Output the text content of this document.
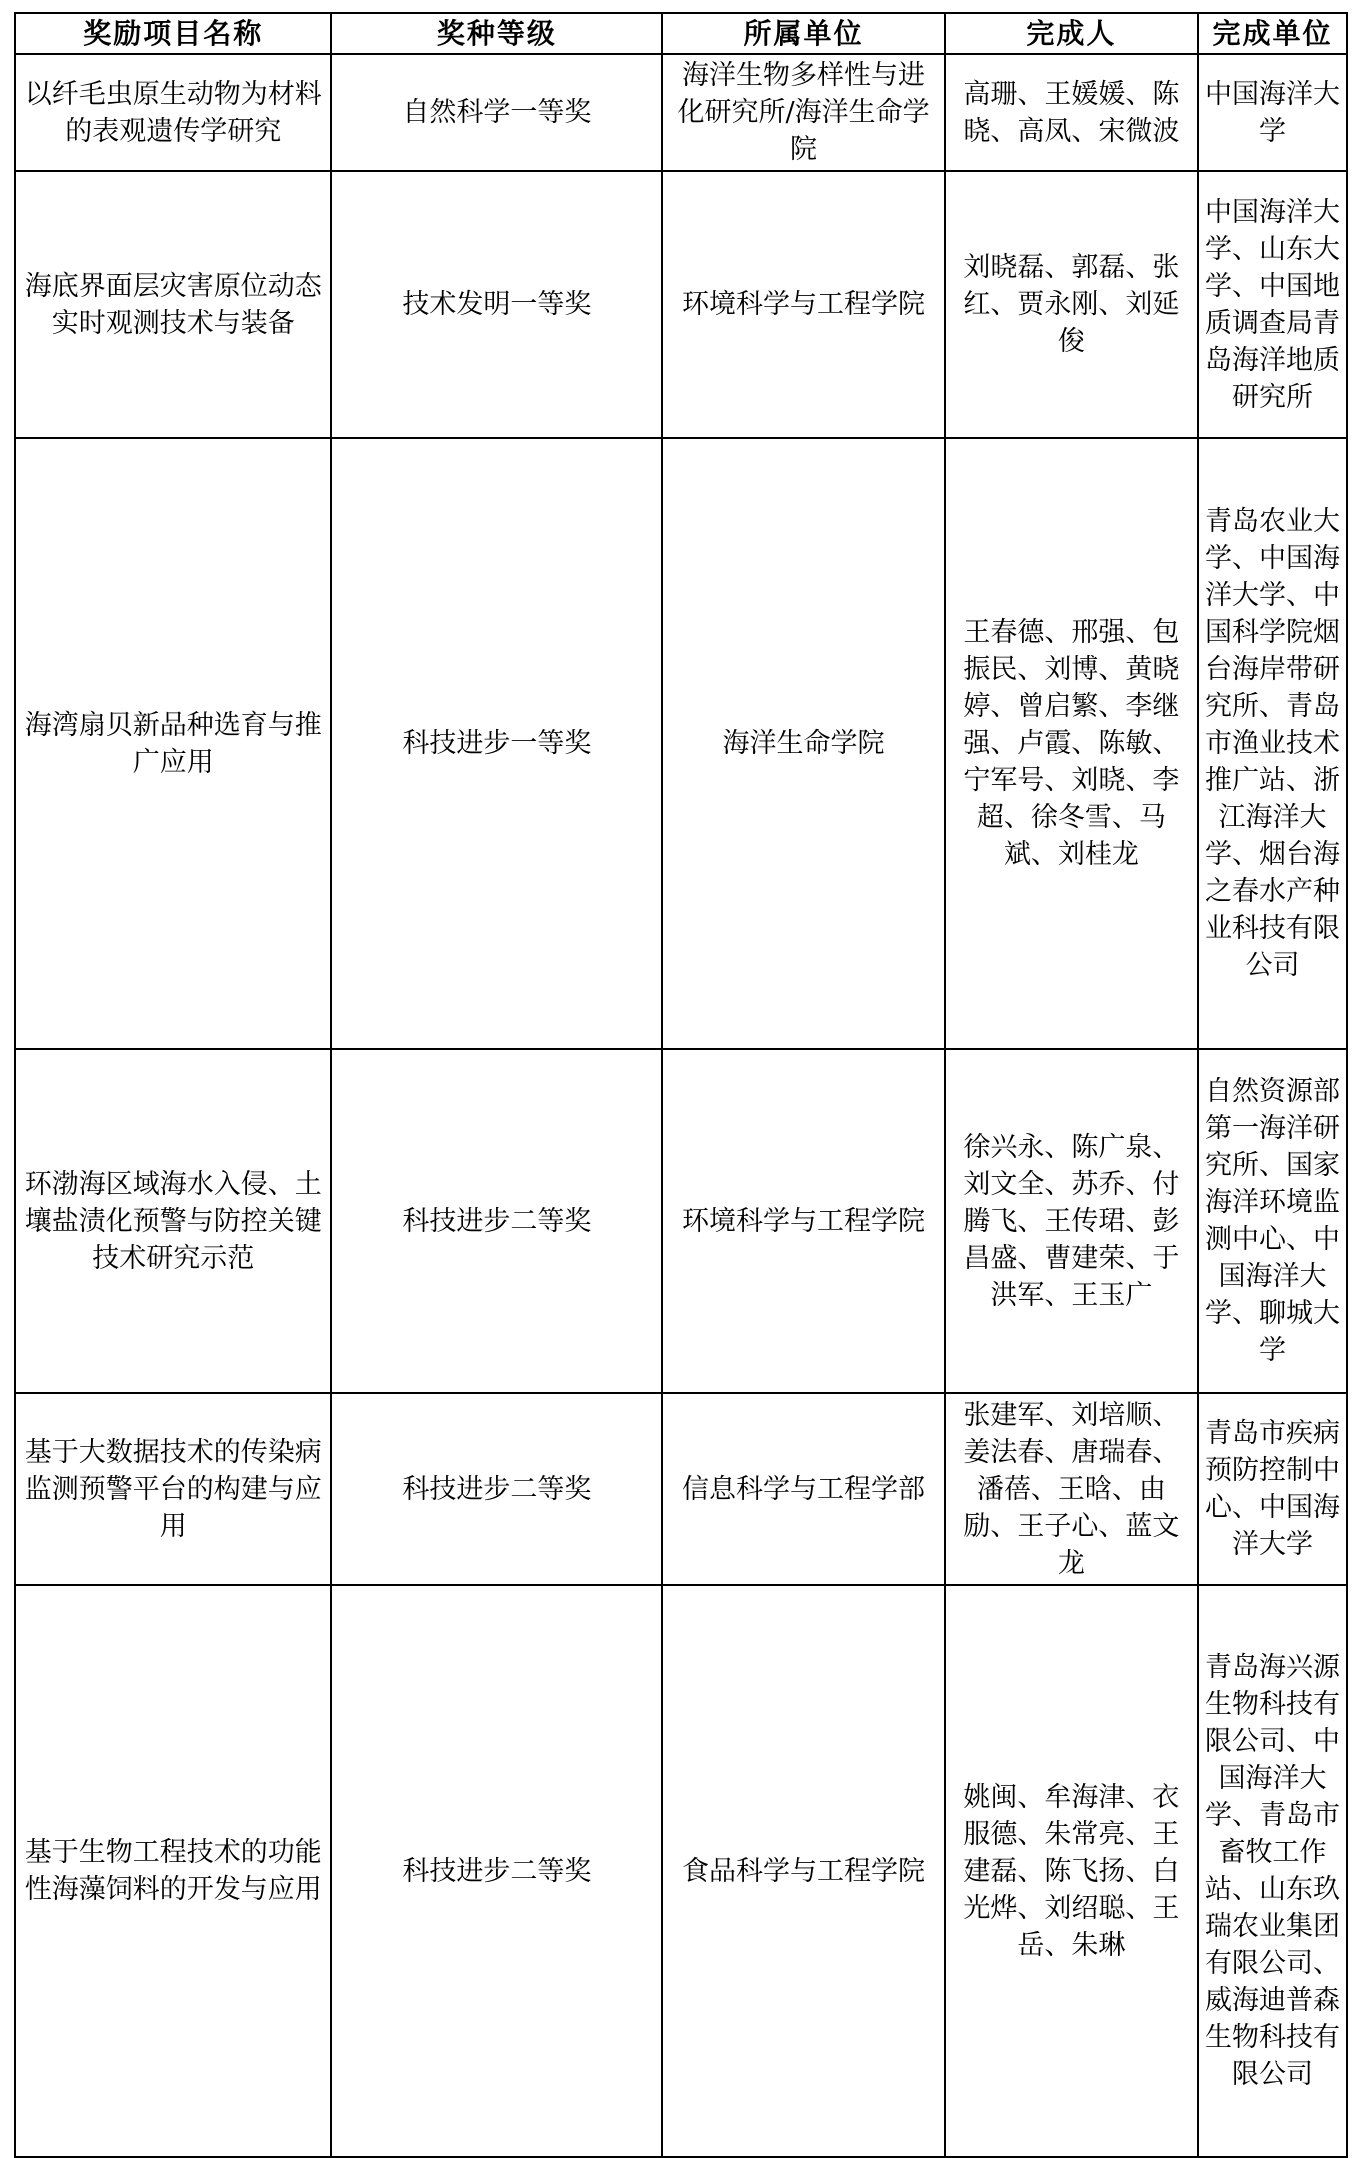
奖励项目名称	奖种等级	所属单位	完成人	完成单位
以纤毛虫原生动物为材料的表观遗传学研究	自然科学一等奖	海洋生物多样性与进化研究所/海洋生命学院	高珊、王媛媛、陈晓、高凤、宋微波	中国海洋大学
海底界面层灾害原位动态实时观测技术与装备	技术发明一等奖	环境科学与工程学院	刘晓磊、郭磊、张红、贾永刚、刘延俊	中国海洋大学、山东大学、中国地质调查局青岛海洋地质研究所
海湾扇贝新品种选育与推广应用	科技进步一等奖	海洋生命学院	王春德、邢强、包振民、刘博、黄晓婷、曾启繁、李继强、卢霞、陈敏、宁军号、刘晓、李超、徐冬雪、马斌、刘桂龙	青岛农业大学、中国海洋大学、中国科学院烟台海岸带研究所、青岛市渔业技术推广站、浙江海洋大学、烟台海之春水产种业科技有限公司
环渤海区域海水入侵、土壤盐渍化预警与防控关键技术研究示范	科技进步二等奖	环境科学与工程学院	徐兴永、陈广泉、刘文全、苏乔、付腾飞、王传珺、彭昌盛、曹建荣、于洪军、王玉广	自然资源部第一海洋研究所、国家海洋环境监测中心、中国海洋大学、聊城大学
基于大数据技术的传染病监测预警平台的构建与应用	科技进步二等奖	信息科学与工程学部	张建军、刘培顺、姜法春、唐瑞春、潘蓓、王晗、由励、王子心、蓝文龙	青岛市疾病预防控制中心、中国海洋大学
基于生物工程技术的功能性海藻饲料的开发与应用	科技进步二等奖	食品科学与工程学院	姚闽、牟海津、衣服德、朱常亮、王建磊、陈飞扬、白光烨、刘绍聪、王岳、朱琳	青岛海兴源生物科技有限公司、中国海洋大学、青岛市畜牧工作站、山东玖瑞农业集团有限公司、威海迪普森生物科技有限公司
